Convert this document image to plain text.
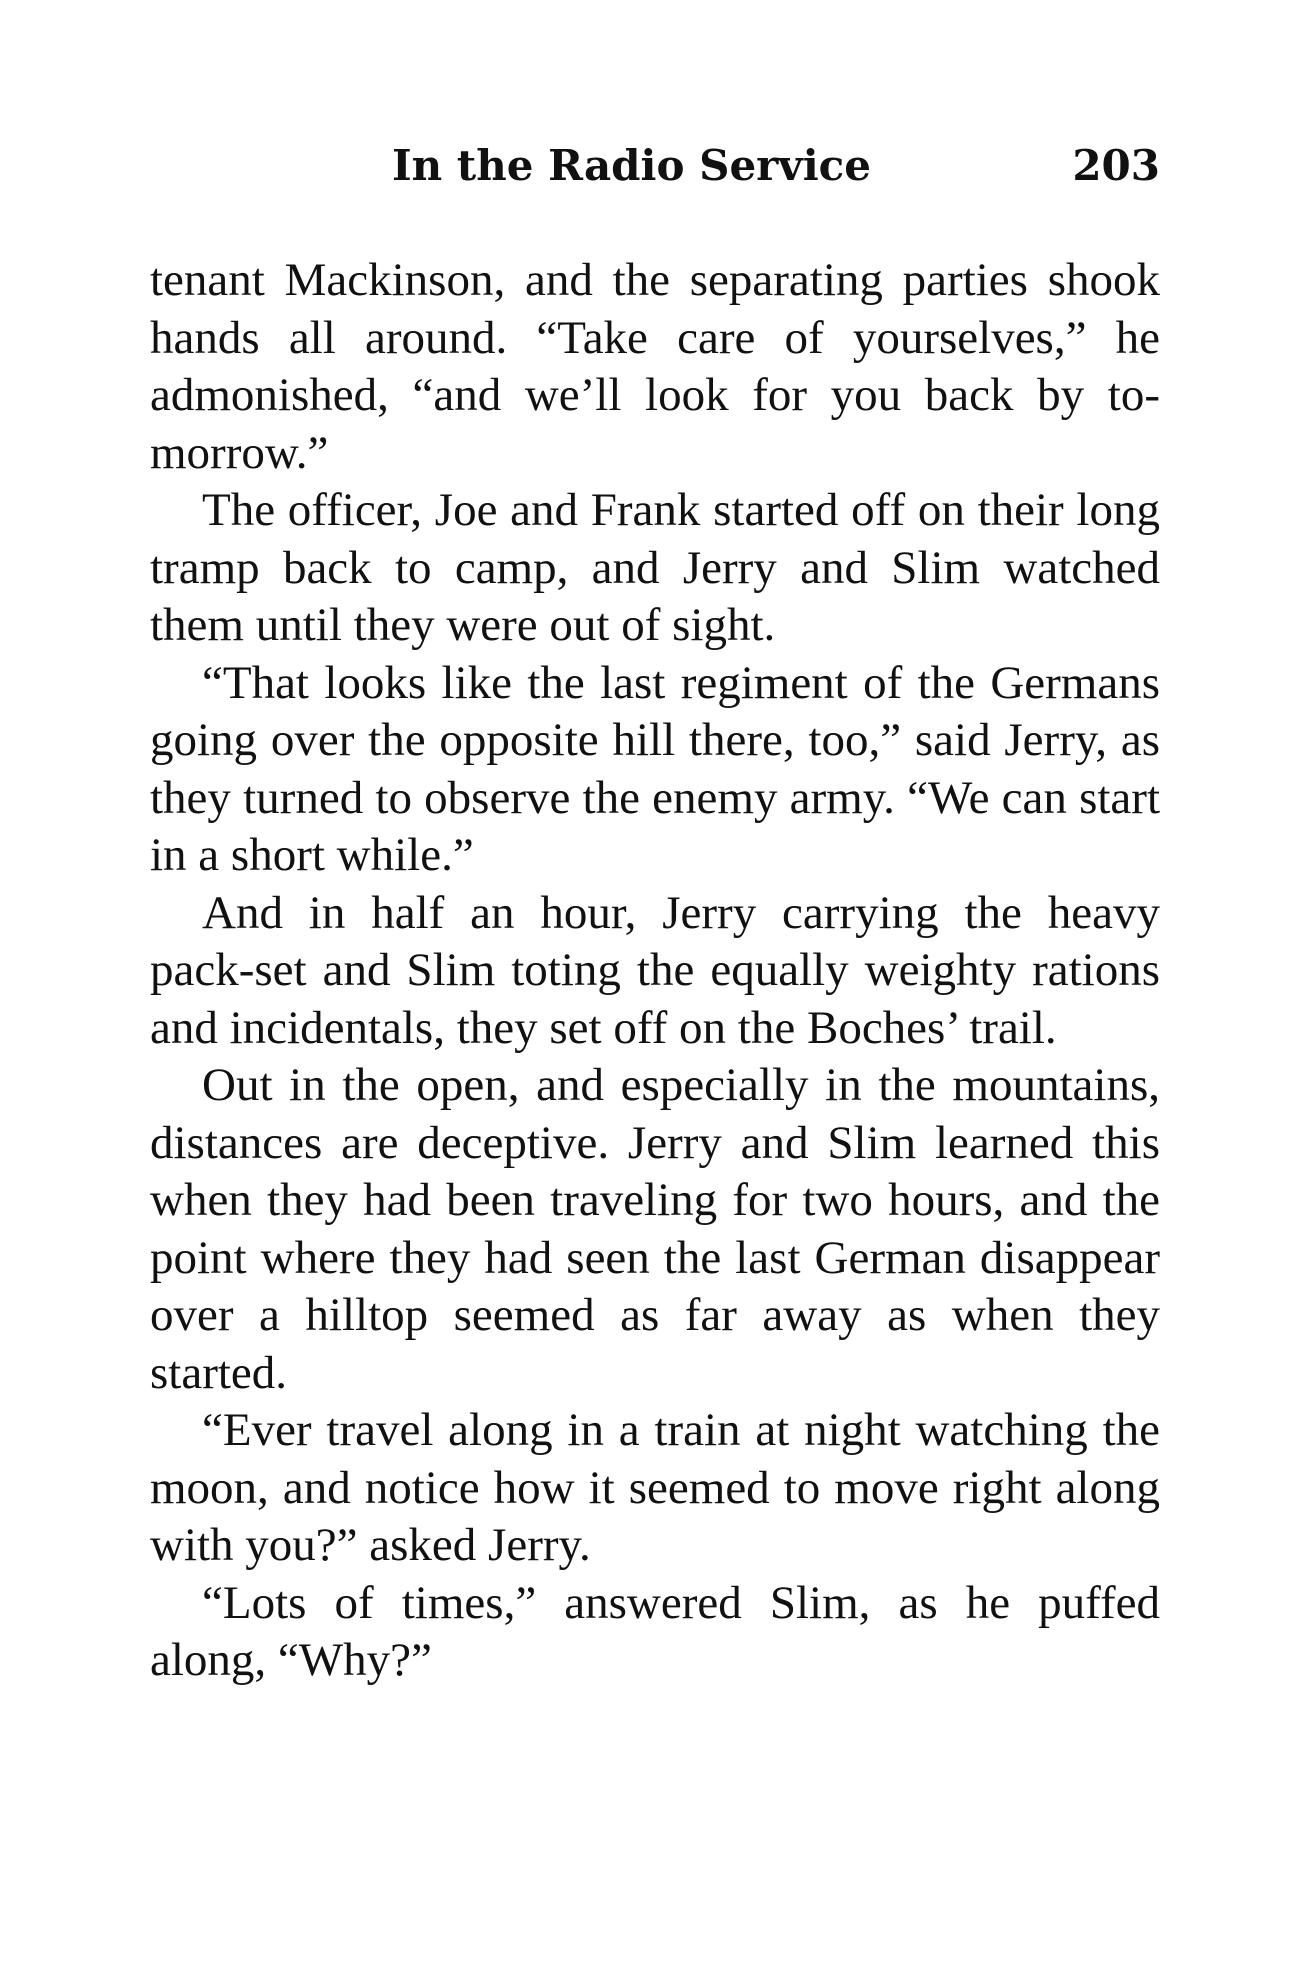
In the Radio Service	203

tenant Mackinson, and the separating parties shook hands all around. “Take care of yourselves,” he admonished, “and we’ll look for you back by to-morrow.”

The officer, Joe and Frank started off on their long tramp back to camp, and Jerry and Slim watched them until they were out of sight.

“That looks like the last regiment of the Germans going over the opposite hill there, too,” said Jerry, as they turned to observe the enemy army. “We can start in a short while.”

And in half an hour, Jerry carrying the heavy pack-set and Slim toting the equally weighty rations and incidentals, they set off on the Boches’ trail.

Out in the open, and especially in the mountains, distances are deceptive. Jerry and Slim learned this when they had been traveling for two hours, and the point where they had seen the last German disappear over a hilltop seemed as far away as when they started.

“Ever travel along in a train at night watching the moon, and notice how it seemed to move right along with you?” asked Jerry.

“Lots of times,” answered Slim, as he puffed along, “Why?”
